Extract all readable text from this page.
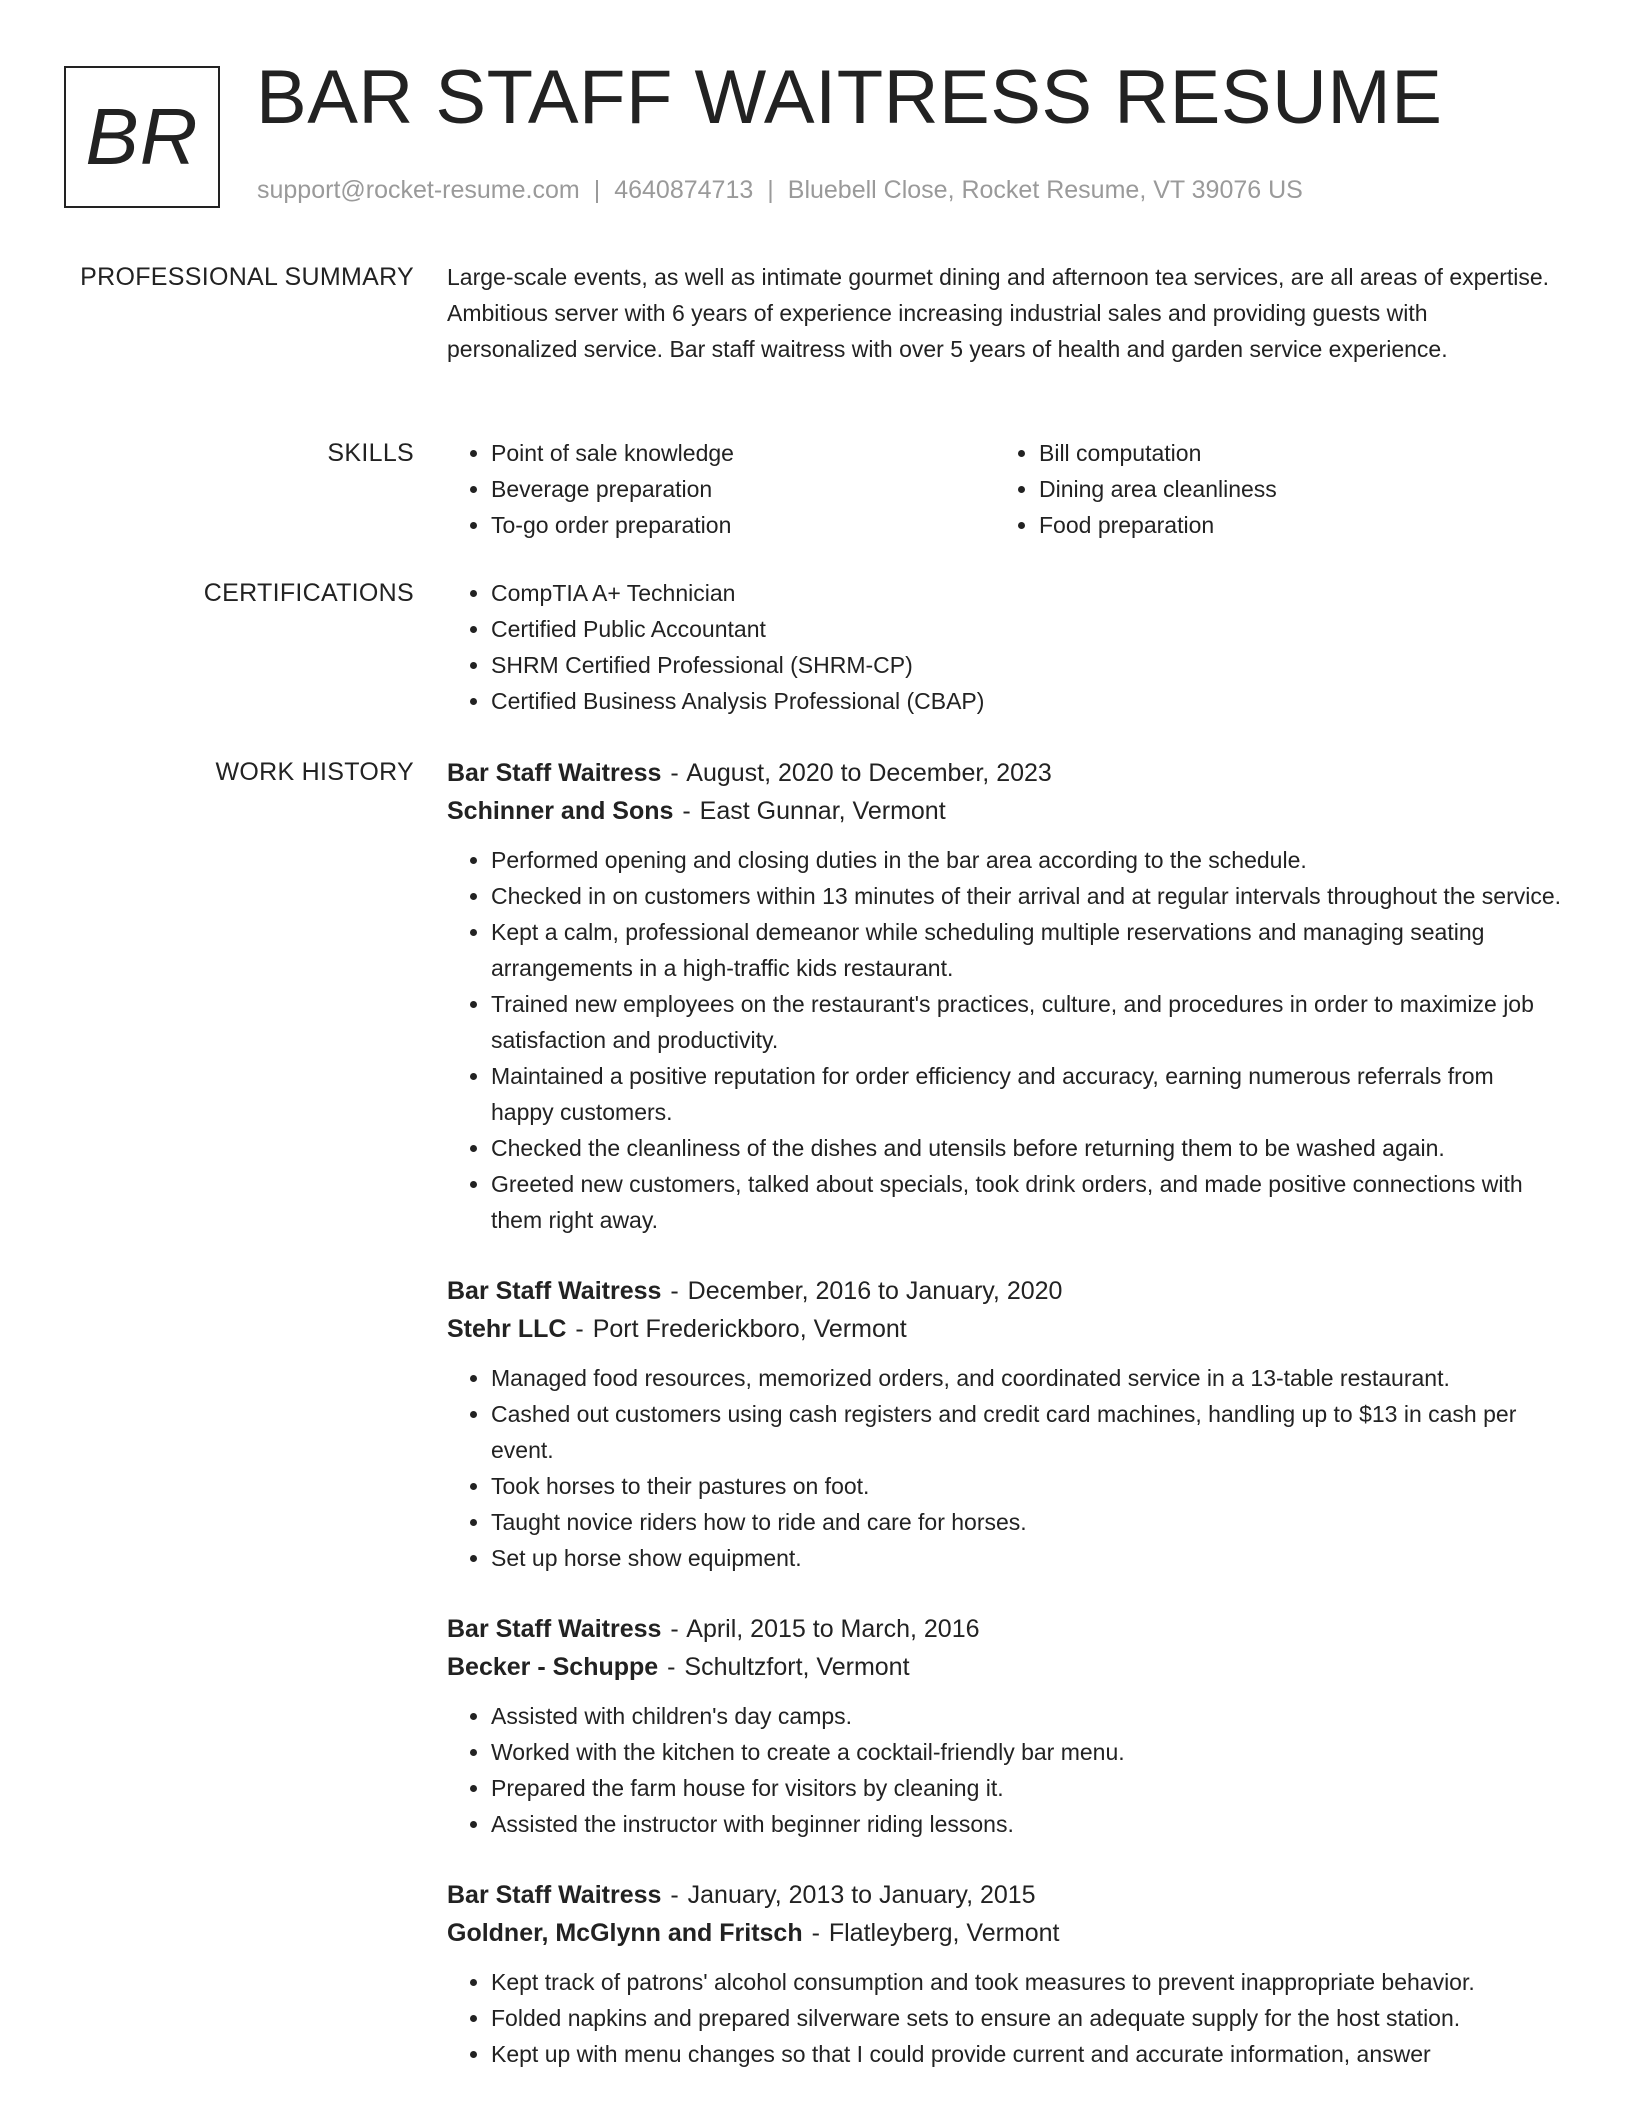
BR BAR STAFF WAITRESS RESUME
support@rocket-resume.com | 4640874713 | Bluebell Close, Rocket Resume, VT 39076 US
PROFESSIONAL SUMMARY Large-scale events, as well as intimate gourmet dining and afternoon tea services, are all areas of expertise. Ambitious server with 6 years of experience increasing industrial sales and providing guests with personalized service. Bar staff waitress with over 5 years of health and garden service experience.

SKILLS	• Point of sale knowledge	• Bill computation
• Beverage preparation	• Dining area cleanliness
• To-go order preparation	• Food preparation
CERTIFICATIONS	• CompTIA A+ Technician
• Certified Public Accountant
• SHRM Certified Professional (SHRM-CP)
• Certified Business Analysis Professional (CBAP)
WORK HISTORY Bar Staff Waitress - August, 2020 to December, 2023
Schinner and Sons - East Gunnar, Vermont
• Performed opening and closing duties in the bar area according to the schedule.
• Checked in on customers within 13 minutes of their arrival and at regular intervals throughout the service.
• Kept a calm, professional demeanor while scheduling multiple reservations and managing seating arrangements in a high-traffic kids restaurant.
• Trained new employees on the restaurant's practices, culture, and procedures in order to maximize job satisfaction and productivity.
• Maintained a positive reputation for order efficiency and accuracy, earning numerous referrals from happy customers.
• Checked the cleanliness of the dishes and utensils before returning them to be washed again.
• Greeted new customers, talked about specials, took drink orders, and made positive connections with them right away.
Bar Staff Waitress - December, 2016 to January, 2020
Stehr LLC - Port Frederickboro, Vermont
• Managed food resources, memorized orders, and coordinated service in a 13-table restaurant.
• Cashed out customers using cash registers and credit card machines, handling up to $13 in cash per event.
• Took horses to their pastures on foot.
• Taught novice riders how to ride and care for horses.
• Set up horse show equipment.
Bar Staff Waitress - April, 2015 to March, 2016
Becker - Schuppe - Schultzfort, Vermont
• Assisted with children's day camps.
• Worked with the kitchen to create a cocktail-friendly bar menu.
• Prepared the farm house for visitors by cleaning it.
• Assisted the instructor with beginner riding lessons.
Bar Staff Waitress - January, 2013 to January, 2015
Goldner, McGlynn and Fritsch - Flatleyberg, Vermont
• Kept track of patrons' alcohol consumption and took measures to prevent inappropriate behavior.
• Folded napkins and prepared silverware sets to ensure an adequate supply for the host station.
• Kept up with menu changes so that I could provide current and accurate information, answer
